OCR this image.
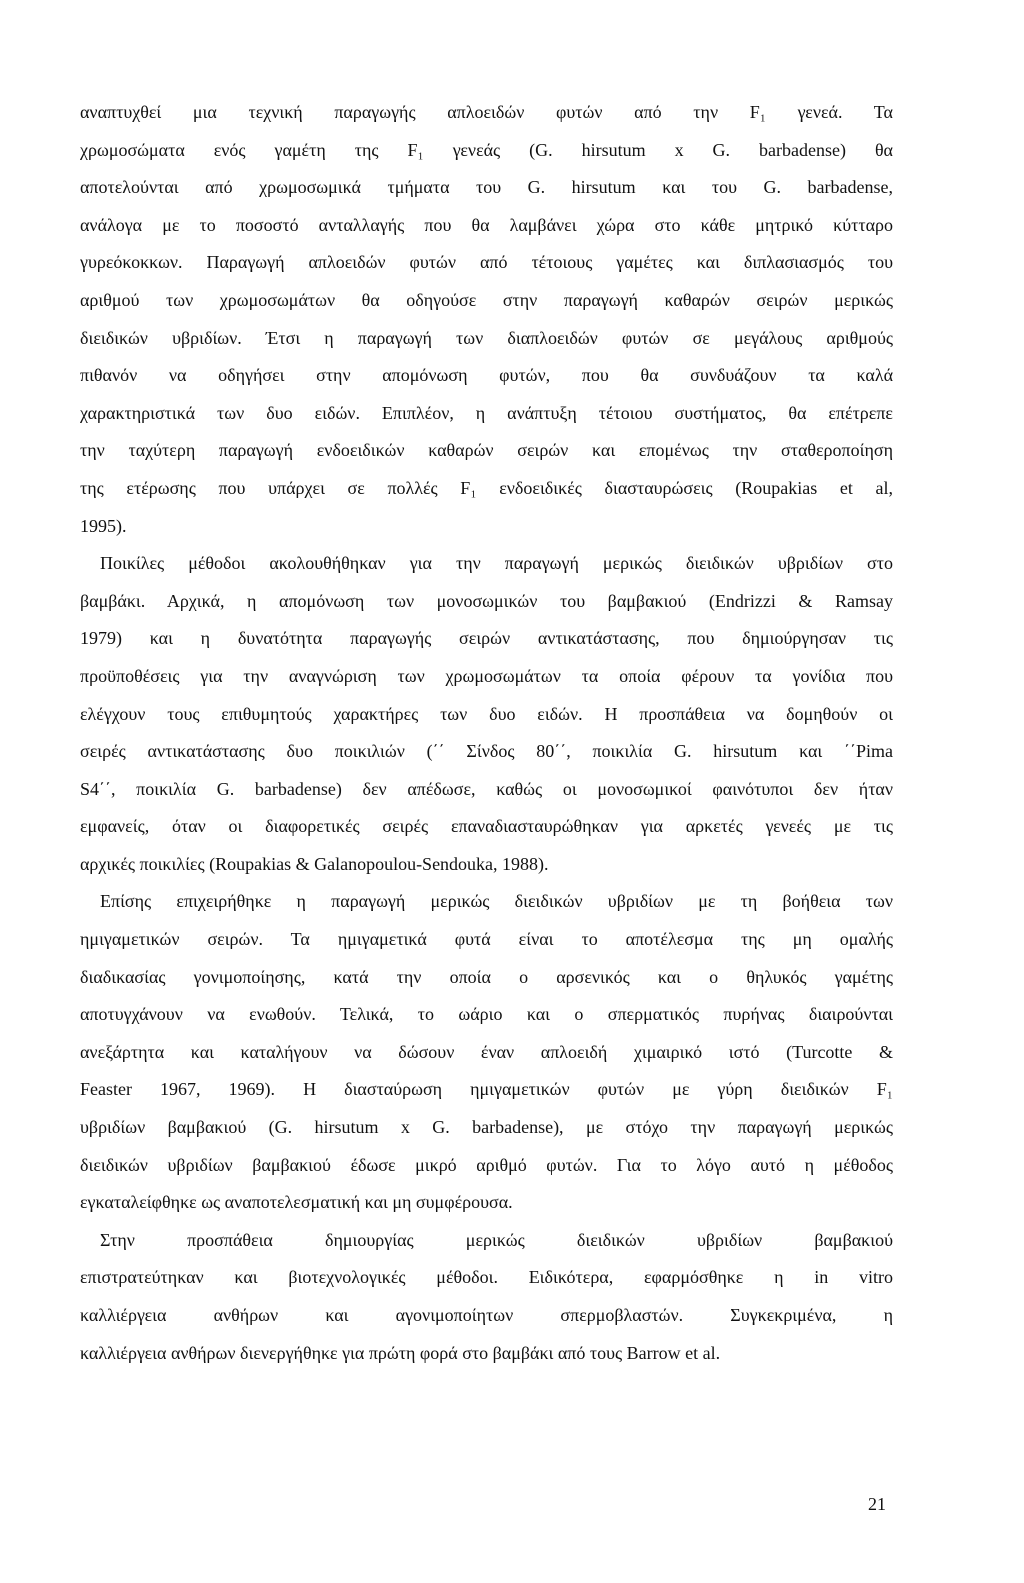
αναπτυχθεί μια τεχνική παραγωγής απλοειδών φυτών από την F₁ γενεά. Τα
χρωμοσώματα ενός γαμέτη της F₁ γενεάς (G. hirsutum x G. barbadense) θα
αποτελούνται από χρωμοσωμικά τμήματα του G. hirsutum και του G. barbadense,
ανάλογα με το ποσοστό ανταλλαγής που θα λαμβάνει χώρα στο κάθε μητρικό κύτταρο
γυρεόκοκκων. Παραγωγή απλοειδών φυτών από τέτοιους γαμέτες και διπλασιασμός του
αριθμού των χρωμοσωμάτων θα οδηγούσε στην παραγωγή καθαρών σειρών μερικώς
διειδικών υβριδίων. Έτσι η παραγωγή των διαπλοειδών φυτών σε μεγάλους αριθμούς
πιθανόν να οδηγήσει στην απομόνωση φυτών, που θα συνδυάζουν τα καλά
χαρακτηριστικά των δυο ειδών. Επιπλέον, η ανάπτυξη τέτοιου συστήματος, θα επέτρεπε
την ταχύτερη παραγωγή ενδοειδικών καθαρών σειρών και επομένως την σταθεροποίηση
της ετέρωσης που υπάρχει σε πολλές F₁ ενδοειδικές διασταυρώσεις (Roupakias et al,
1995).
Ποικίλες μέθοδοι ακολουθήθηκαν για την παραγωγή μερικώς διειδικών υβριδίων στο
βαμβάκι. Αρχικά, η απομόνωση των μονοσωμικών του βαμβακιού (Endrizzi & Ramsay
1979) και η δυνατότητα παραγωγής σειρών αντικατάστασης, που δημιούργησαν τις
προϋποθέσεις για την αναγνώριση των χρωμοσωμάτων τα οποία φέρουν τα γονίδια που
ελέγχουν τους επιθυμητούς χαρακτήρες των δυο ειδών. Η προσπάθεια να δομηθούν οι
σειρές αντικατάστασης δυο ποικιλιών (΄΄ Σίνδος 80΄΄, ποικιλία G. hirsutum και ΄΄Pima
S4΄΄, ποικιλία G. barbadense) δεν απέδωσε, καθώς οι μονοσωμικοί φαινότυποι δεν ήταν
εμφανείς, όταν οι διαφορετικές σειρές επαναδιασταυρώθηκαν για αρκετές γενεές με τις
αρχικές ποικιλίες (Roupakias & Galanopoulou-Sendouka, 1988).
Επίσης επιχειρήθηκε η παραγωγή μερικώς διειδικών υβριδίων με τη βοήθεια των
ημιγαμετικών σειρών. Τα ημιγαμετικά φυτά είναι το αποτέλεσμα της μη ομαλής
διαδικασίας γονιμοποίησης, κατά την οποία ο αρσενικός και ο θηλυκός γαμέτης
αποτυγχάνουν να ενωθούν. Τελικά, το ωάριο και ο σπερματικός πυρήνας διαιρούνται
ανεξάρτητα και καταλήγουν να δώσουν έναν απλοειδή χιμαιρικό ιστό (Turcotte &
Feaster 1967, 1969). Η διασταύρωση ημιγαμετικών φυτών με γύρη διειδικών F₁
υβριδίων βαμβακιού (G. hirsutum x G. barbadense), με στόχο την παραγωγή μερικώς
διειδικών υβριδίων βαμβακιού έδωσε μικρό αριθμό φυτών. Για το λόγο αυτό η μέθοδος
εγκαταλείφθηκε ως αναποτελεσματική και μη συμφέρουσα.
Στην προσπάθεια δημιουργίας μερικώς διειδικών υβριδίων βαμβακιού
επιστρατεύτηκαν και βιοτεχνολογικές μέθοδοι. Ειδικότερα, εφαρμόσθηκε η in vitro
καλλιέργεια ανθήρων και αγονιμοποίητων σπερμοβλαστών. Συγκεκριμένα, η
καλλιέργεια ανθήρων διενεργήθηκε για πρώτη φορά στο βαμβάκι από τους Barrow et al.
21
